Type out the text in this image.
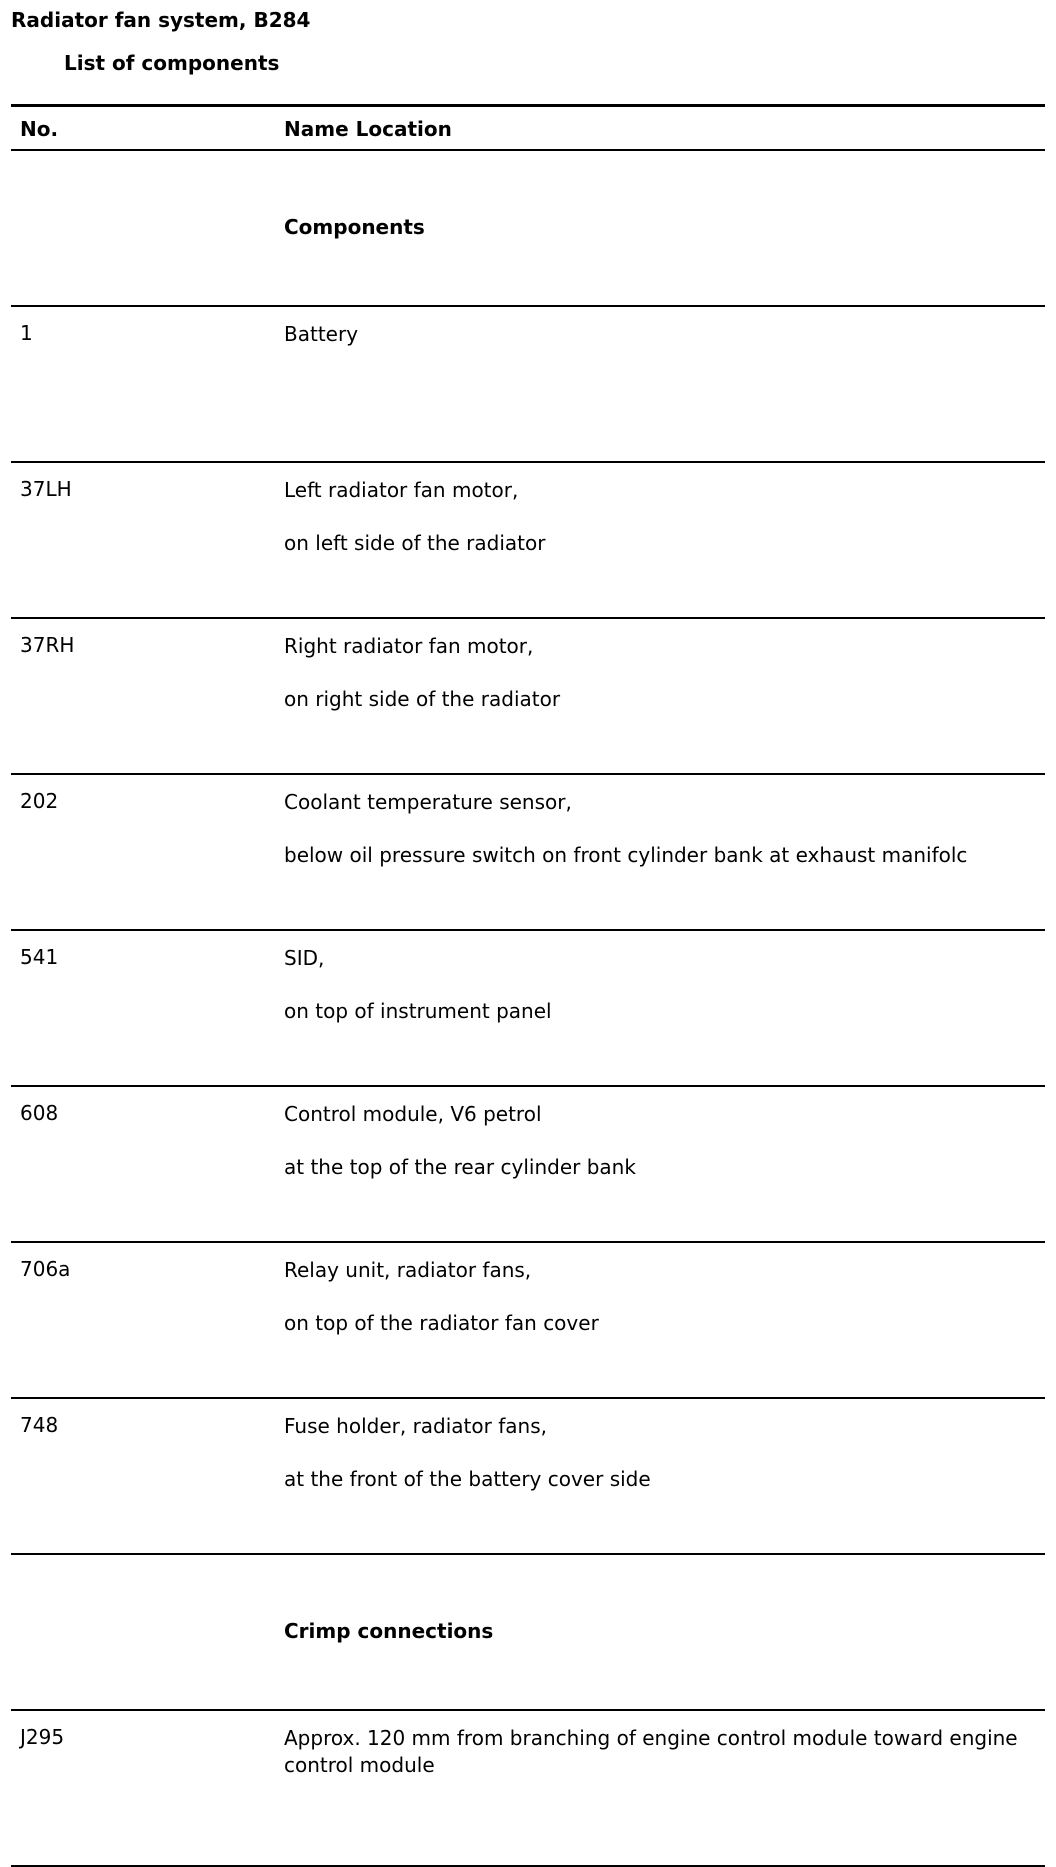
Radiator fan system, B284
List of components
No.	Name Location
Components
1	Battery
37LH	Left radiator fan motor,
on left side of the radiator
37RH	Right radiator fan motor,
on right side of the radiator
202	Coolant temperature sensor,
below oil pressure switch on front cylinder bank at exhaust manifolc
541	SID,
on top of instrument panel
608	Control module, V6 petrol
at the top of the rear cylinder bank
706a	Relay unit, radiator fans,
on top of the radiator fan cover
748	Fuse holder, radiator fans,
at the front of the battery cover side
Crimp connections
J295	Approx. 120 mm from branching of engine control module toward engine control module
